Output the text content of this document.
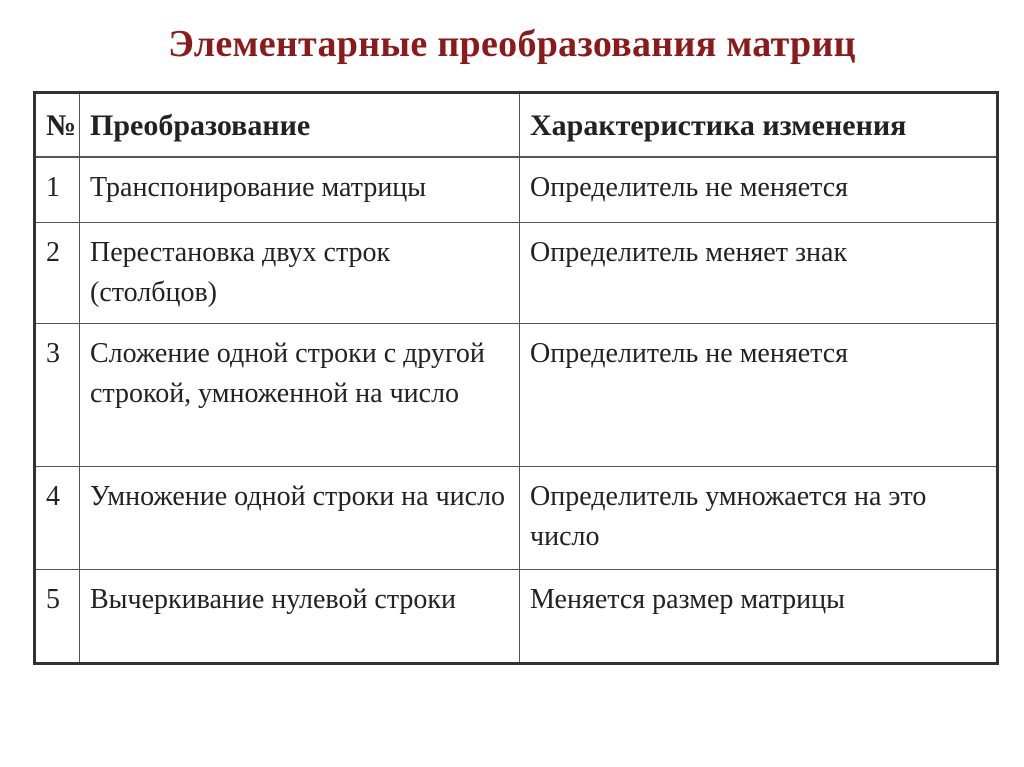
Элементарные преобразования матриц
№	Преобразование	Характеристика изменения
1	Транспонирование матрицы	Определитель не меняется
2	Перестановка двух строк (столбцов)	Определитель меняет знак
3	Сложение одной строки с другой строкой, умноженной на число	Определитель не меняется
4	Умножение одной строки на число	Определитель умножается на это число
5	Вычеркивание нулевой строки	Меняется размер матрицы
